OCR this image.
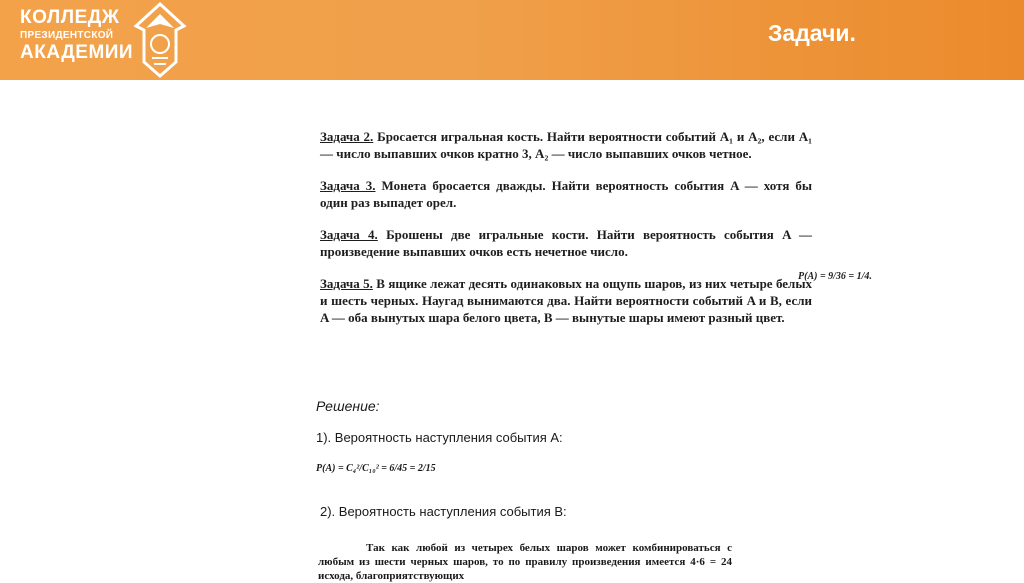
КОЛЛЕДЖ
ПРЕЗИДЕНТСКОЙ
АКАДЕМИИ
Задачи.

Задача 2. Бросается игральная кость. Найти вероятности событий A₁ и A₂, если A₁ — число выпавших очков кратно 3, A₂ — число выпавших очков четное.

Задача 3. Монета бросается дважды. Найти вероятность события A — хотя бы один раз выпадет орел.

Задача 4. Брошены две игральные кости. Найти вероятность события A — произведение выпавших очков есть нечетное число.

Задача 5. В ящике лежат десять одинаковых на ощупь шаров, из них четыре белых и шесть черных. Наугад вынимаются два. Найти вероятности событий A и B, если A — оба вынутых шара белого цвета, B — вынутые шары имеют разный цвет.

P(A) = 9/36 = 1/4.
Решение:
1). Вероятность наступления события А:
P(A) = C₄²/C₁₀² = 6/45 = 2/15
2). Вероятность наступления события В:
Так как любой из четырех белых шаров может комбинироваться с любым из шести черных шаров, то по правилу произведения имеется 4·6 = 24 исхода, благоприятствующих
